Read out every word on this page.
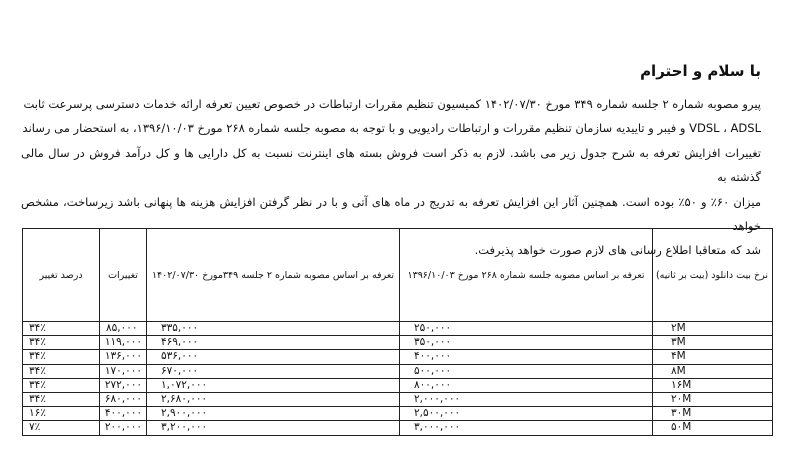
با سلام و احترام

پیرو مصوبه شماره ۲ جلسه شماره ۳۴۹ مورخ ۱۴۰۲/۰۷/۳۰ کمیسیون تنظیم مقررات ارتباطات در خصوص تعیین تعرفه ارائه خدمات دسترسی پرسرعت ثابت

VDSL ، ADSL و فیبر و تاییدیه سازمان تنظیم مقررات و ارتباطات رادیویی و با توجه به مصوبه جلسه شماره ۲۶۸ مورخ ۱۳۹۶/۱۰/۰۳، به استحضار می رساند

تغییرات افزایش تعرفه به شرح جدول زیر می باشد. لازم به ذکر است فروش بسته های اینترنت نسبت به کل دارایی ها و کل درآمد فروش در سال مالی گذشته به

میزان ۶۰٪ و ۵۰٪ بوده است. همچنین آثار این افزایش تعرفه به تدریج در ماه های آتی و با در نظر گرفتن افزایش هزینه ها پنهانی باشد زیرساخت، مشخص خواهد

شد که متعاقبا اطلاع رسانی های لازم صورت خواهد پذیرفت.

نرخ بیت دانلود (بیت بر ثانیه)	تعرفه بر اساس مصوبه جلسه شماره ۲۶۸ مورخ ۱۳۹۶/۱۰/۰۳	تعرفه بر اساس مصوبه شماره ۲ جلسه ۳۴۹مورخ ۱۴۰۲/۰۷/۳۰	تغییرات	درصد تغییر
۲M	۲۵۰,۰۰۰	۳۳۵,۰۰۰	۸۵,۰۰۰	۳۴٪
۳M	۳۵۰,۰۰۰	۴۶۹,۰۰۰	۱۱۹,۰۰۰	۳۴٪
۴M	۴۰۰,۰۰۰	۵۳۶,۰۰۰	۱۳۶,۰۰۰	۳۴٪
۸M	۵۰۰,۰۰۰	۶۷۰,۰۰۰	۱۷۰,۰۰۰	۳۴٪
۱۶M	۸۰۰,۰۰۰	۱,۰۷۲,۰۰۰	۲۷۲,۰۰۰	۳۴٪
۲۰M	۲,۰۰۰,۰۰۰	۲,۶۸۰,۰۰۰	۶۸۰,۰۰۰	۳۴٪
۳۰M	۲,۵۰۰,۰۰۰	۲,۹۰۰,۰۰۰	۴۰۰,۰۰۰	۱۶٪
۵۰M	۳,۰۰۰,۰۰۰	۳,۲۰۰,۰۰۰	۲۰۰,۰۰۰	۷٪
